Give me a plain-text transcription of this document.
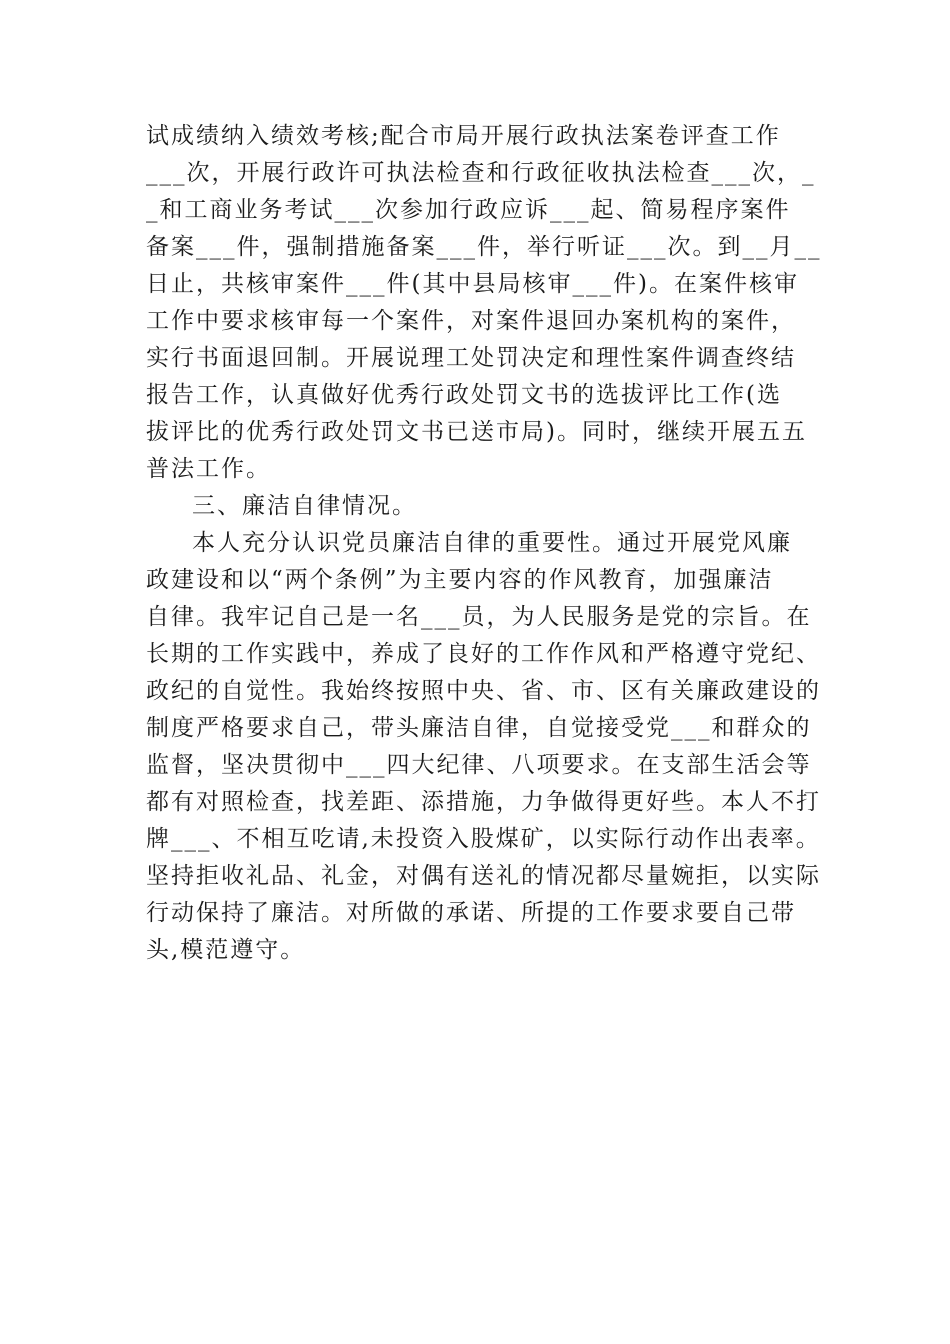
试成绩纳入绩效考核;配合市局开展行政执法案卷评查工作
___次，开展行政许可执法检查和行政征收执法检查___次，_
_和工商业务考试___次参加行政应诉___起、简易程序案件
备案___件，强制措施备案___件，举行听证___次。到__月__
日止，共核审案件___件(其中县局核审___件)。在案件核审
工作中要求核审每一个案件，对案件退回办案机构的案件，
实行书面退回制。开展说理工处罚决定和理性案件调查终结
报告工作，认真做好优秀行政处罚文书的选拔评比工作(选
拔评比的优秀行政处罚文书已送市局)。同时，继续开展五五
普法工作。
三、廉洁自律情况。
本人充分认识党员廉洁自律的重要性。通过开展党风廉
政建设和以“两个条例”为主要内容的作风教育，加强廉洁
自律。我牢记自己是一名___员，为人民服务是党的宗旨。在
长期的工作实践中，养成了良好的工作作风和严格遵守党纪、
政纪的自觉性。我始终按照中央、省、市、区有关廉政建设的
制度严格要求自己，带头廉洁自律，自觉接受党___和群众的
监督，坚决贯彻中___四大纪律、八项要求。在支部生活会等
都有对照检查，找差距、添措施，力争做得更好些。本人不打
牌___、不相互吃请,未投资入股煤矿，以实际行动作出表率。
坚持拒收礼品、礼金，对偶有送礼的情况都尽量婉拒，以实际
行动保持了廉洁。对所做的承诺、所提的工作要求要自己带
头,模范遵守。
